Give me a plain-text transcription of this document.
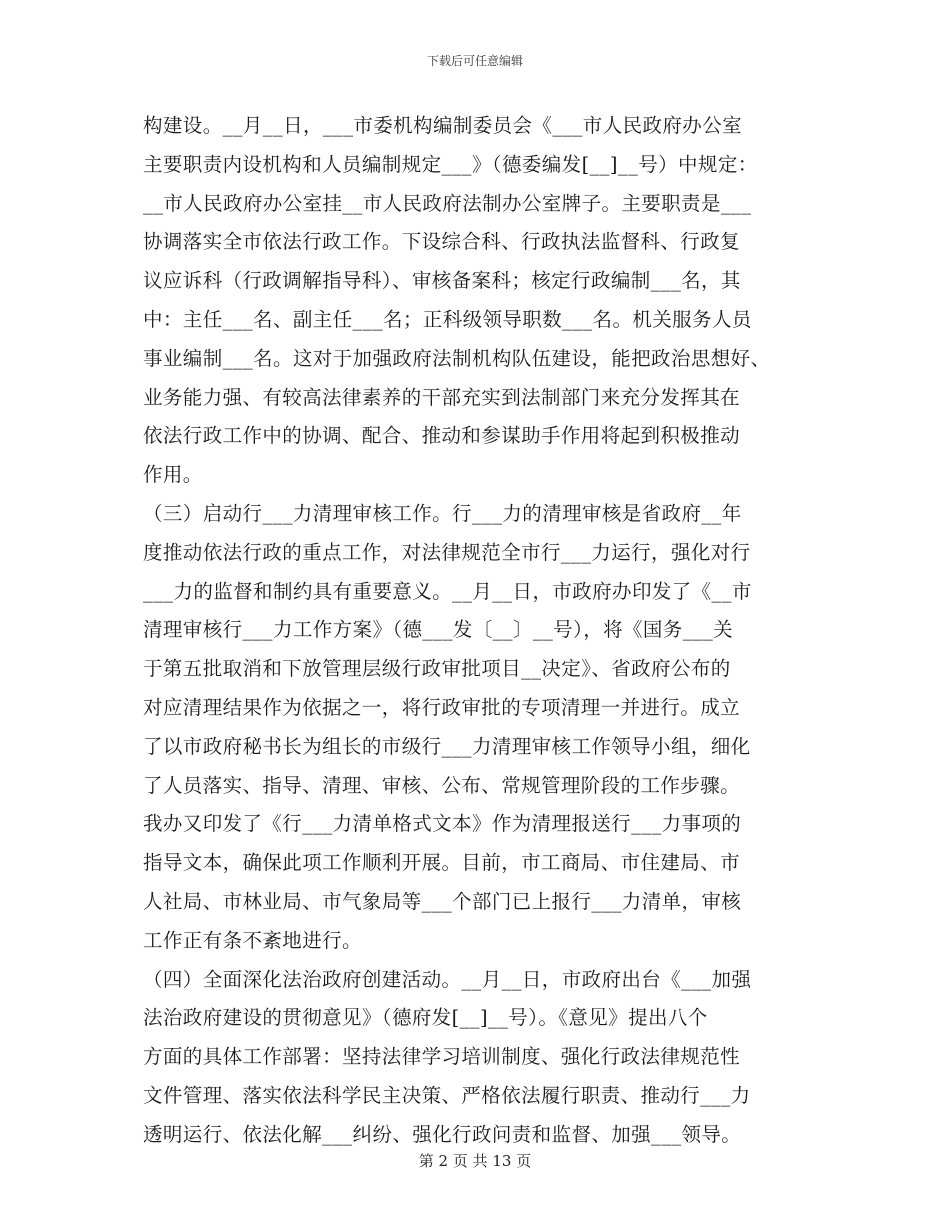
下载后可任意编辑
构建设。__月__日，___市委机构编制委员会《___市人民政府办公室
主要职责内设机构和人员编制规定___》（德委编发[__]__号）中规定：
__市人民政府办公室挂__市人民政府法制办公室牌子。主要职责是___
协调落实全市依法行政工作。下设综合科、行政执法监督科、行政复
议应诉科（行政调解指导科）、审核备案科；核定行政编制___名，其
中：主任___名、副主任___名；正科级领导职数___名。机关服务人员
事业编制___名。这对于加强政府法制机构队伍建设，能把政治思想好、
业务能力强、有较高法律素养的干部充实到法制部门来充分发挥其在
依法行政工作中的协调、配合、推动和参谋助手作用将起到积极推动
作用。
（三）启动行___力清理审核工作。行___力的清理审核是省政府__年
度推动依法行政的重点工作，对法律规范全市行___力运行，强化对行
___力的监督和制约具有重要意义。__月__日，市政府办印发了《__市
清理审核行___力工作方案》（德___发〔__〕__号），将《国务___关
于第五批取消和下放管理层级行政审批项目__决定》、省政府公布的
对应清理结果作为依据之一，将行政审批的专项清理一并进行。成立
了以市政府秘书长为组长的市级行___力清理审核工作领导小组，细化
了人员落实、指导、清理、审核、公布、常规管理阶段的工作步骤。
我办又印发了《行___力清单格式文本》作为清理报送行___力事项的
指导文本，确保此项工作顺利开展。目前，市工商局、市住建局、市
人社局、市林业局、市气象局等___个部门已上报行___力清单，审核
工作正有条不紊地进行。
（四）全面深化法治政府创建活动。__月__日，市政府出台《___加强
法治政府建设的贯彻意见》（德府发[__]__号）。《意见》提出八个
方面的具体工作部署：坚持法律学习培训制度、强化行政法律规范性
文件管理、落实依法科学民主决策、严格依法履行职责、推动行___力
透明运行、依法化解___纠纷、强化行政问责和监督、加强___领导。
第 2 页 共 13 页
